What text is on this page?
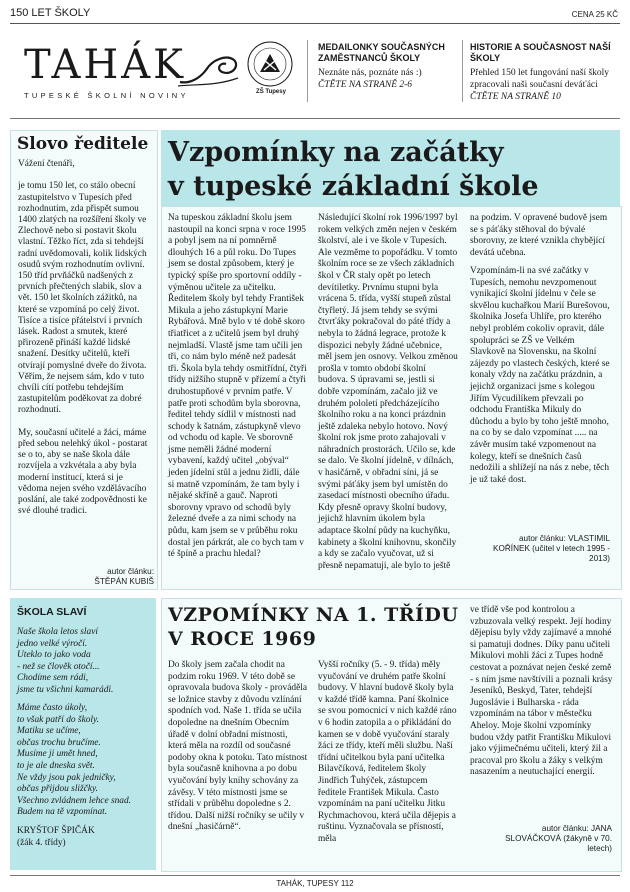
150 LET ŠKOLY	CENA 25 KČ
TAHÁK
TUPESKÉ ŠKOLNÍ NOVINY	ZŠ Tupesy
MEDAILONKY SOUČASNÝCH ZAMĚSTNANCŮ ŠKOLY
Neznáte nás, poznáte nás :)
ČTĚTE NA STRANĚ 2-6
HISTORIE A SOUČASNOST NAŠÍ ŠKOLY
Přehled 150 let fungování naší školy zpracovali naši současní deváťáci
ČTĚTE NA STRANĚ 10
Slovo ředitele
Vážení čtenáři,

je tomu 150 let, co stálo obecní zastupitelstvo v Tupesích před rozhodnutím, zda přispět sumou 1400 zlatých na rozšíření školy ve Zlechově nebo si postavit školu vlastní. Těžko říct, zda si tehdejší radní uvědomovali, kolik lidských osudů svým rozhodnutím ovlivní. 150 tříd prvňáčků nadšených z prvních přečtených slabik, slov a vět. 150 let školních zážitků, na které se vzpomíná po celý život. Tisíce a tisíce přátelství i prvních lásek. Radost a smutek, které přirozeně přináší každé lidské snažení. Desítky učitelů, kteří otvírají pomyslné dveře do života. Věřím, že nejsem sám, kdo v tuto chvíli cítí potřebu tehdejším zastupitelům poděkovat za dobré rozhodnutí.

My, současní učitelé a žáci, máme před sebou nelehký úkol - postarat se o to, aby se naše škola dále rozvíjela a vzkvétala a aby byla moderní institucí, která si je vědoma nejen svého vzdělávacího poslání, ale také zodpovědnosti ke své dlouhé tradici.
autor článku:
ŠTĚPÁN KUBIŠ
Vzpomínky na začátky
v tupeské základní škole
Na tupeskou základní školu jsem nastoupil na konci srpna v roce 1995 a pobyl jsem na ní pomněrně dlouhých 16 a půl roku. Do Tupes jsem se dostal způsobem, který je typický spíše pro sportovní oddíly - výměnou učitele za učitelku. Ředitelem školy byl tehdy František Mikula a jeho zástupkyní Marie Rybářová. Mně bylo v té době skoro třiatřicet a z učitelů jsem byl druhý nejmladší. Vlastě jsme tam učili jen tři, co nám bylo méně než padesát tři. Škola byla tehdy osmitřídní, čtyři třídy nižšího stupně v přízemí a čtyři druhostupňové v prvním patře. V patře proti schodům byla sborovna, ředitel tehdy sídlil v místnosti nad schody k šatnám, zástupkyně vlevo od vchodu od kaple. Ve sborovně jsme neměli žádné moderní vybavení, každý učitel „obýval“ jeden jídelní stůl a jednu židli, dále si matně vzpomínám, že tam byly i nějaké skříně a gauč. Naproti sborovny vpravo od schodů byly železné dveře a za nimi schody na půdu, kam jsem se v průběhu roku dostal jen párkrát, ale co bych tam v té špíně a prachu hledal?
Následující školní rok 1996/1997 byl rokem velkých změn nejen v českém školství, ale i ve škole v Tupesích. Ale vezměme to popořádku. V tomto školním roce se ze všech základních škol v ČR staly opět po letech devítiletky. Prvnímu stupni byla vrácena 5. třída, vyšší stupeň zůstal čtyřletý. Já jsem tehdy se svými čtvrťáky pokračoval do páté třídy a nebyla to žádná legrace, protože k dispozici nebyly žádné učebnice, měl jsem jen osnovy. Velkou změnou prošla v tomto období školní budova. S úpravami se, jestli si dobře vzpomínám, začalo již ve druhém pololetí předcházejícího školního roku a na konci prázdnin ještě zdaleka nebylo hotovo. Nový školní rok jsme proto zahajovali v náhradních prostorách. Učilo se, kde se dalo. Ve školní jídelně, v dílnách, v hasičárně, v obřadní síni, já se svými páťáky jsem byl umístěn do zasedací místnosti obecního úřadu. Kdy přesně opravy školní budovy, jejichž hlavním úkolem byla adaptace školní půdy na kuchyňku, kabinety a školní knihovnu, skončily a kdy se začalo vyučovat, už si přesně nepamatuji, ale bylo to ještě
na podzim. V opravené budově jsem se s páťáky stěhoval do bývalé sborovny, ze které vznikla chybějící devátá učebna.
Vzpomínám-li na své začátky v Tupesích, nemohu nevzpomenout vynikající školní jídelnu v čele se skvělou kuchařkou Marií Burešovou, školnika Josefa Uhlíře, pro kterého nebyl problém cokoliv opravit, dále spolupráci se ZŠ ve Velkém Slavkově na Slovensku, na školní zájezdy po vlastech českých, které se konaly vždy na začátku prázdnin, a jejichž organizaci jsme s kolegou Jiřím Vycudilíkem převzali po odchodu Františka Mikuly do důchodu a bylo by toho ještě mnoho, na co by se dalo vzpomínat ..... na závěr musím také vzpomenout na kolegy, kteří se dnešních časů nedožili a shlížejí na nás z nebe, těch je už také dost.
autor článku: VLASTIMIL
KOŘÍNEK (učitel v letech 1995 -
2013)
ŠKOLA SLAVÍ
Naše škola letos slaví
jedno velké výročí.
Uteklo to jako voda
- než se člověk otočí...
Chodíme sem rádi,
jsme tu všichni kamarádi.
Máme často úkoly,
to však patří do školy.
Matiku se učíme,
občas trochu bručíme.
Musíme ji umět hned,
to je ale dneska svět.
Ne vždy jsou pak jedničky,
občas přijdou sližčky.
Všechno zvládnem lehce snad.
Budem na tě vzpomínat.
KRYŠTOF ŠPIČÁK
(žák 4. třídy)
VZPOMÍNKY NA 1. TŘÍDU
V ROCE 1969
Do školy jsem začala chodit na podzim roku 1969. V této době se opravovala budova školy - prováděla se ložnice stavby z důvodu vzlínání spodních vod. Naše 1. třída se učila dopoledne na dnešním Obecním úřadě v dolní obřadní místnosti, která měla na rozdíl od současné podoby okna k potoku. Tato místnost byla současně knihovna a po dobu vyučování byly knihy schovány za závěsy. V této místnosti jsme se střídali v průběhu dopoledne s 2. třídou. Další nižší ročníky se učily v dnešní „hasičárně“.
Vyšší ročníky (5. - 9. třída) měly vyučování ve druhém patře školní budovy. V hlavní budově školy byla v každé třídě kamna. Paní školnice se svou pomocnicí v nich každé ráno v 6 hodin zatopila a o přikládání do kamen se v době vyučování staraly žáci ze třídy, kteří měli službu. Naší třídní učitelkou byla paní učitelka Bilavčíková, ředitelem školy Jindřich Ťuhýček, zástupcem ředitele František Mikula. Často vzpomínám na paní učitelku Jitku Rychmachovou, která učila dějepis a ruštinu. Vyznačovala se přísností, měla
ve třídě vše pod kontrolou a vzbuzovala velký respekt. Její hodiny dějepisu byly vždy zajímavé a mnohé si pamatuji dodnes. Díky panu učiteli Mikulovi mohli žáci z Tupes hodně cestovat a poznávat nejen české země - s ním jsme navštívili a poznali krásy Jeseníků, Beskyd, Tater, tehdejší Jugoslávie i Bulharska - ráda vzpomínám na tábor v městečku Aheloy. Moje školní vzpomínky budou vždy patřit Františku Mikulovi jako výjimečnému učiteli, který žil a pracoval pro školu a žáky s velkým nasazením a neutuchající energií.
autor článku: JANA
SLOVÁČKOVÁ (žákyně v 70.
letech)
TAHÁK, TUPESY 112
